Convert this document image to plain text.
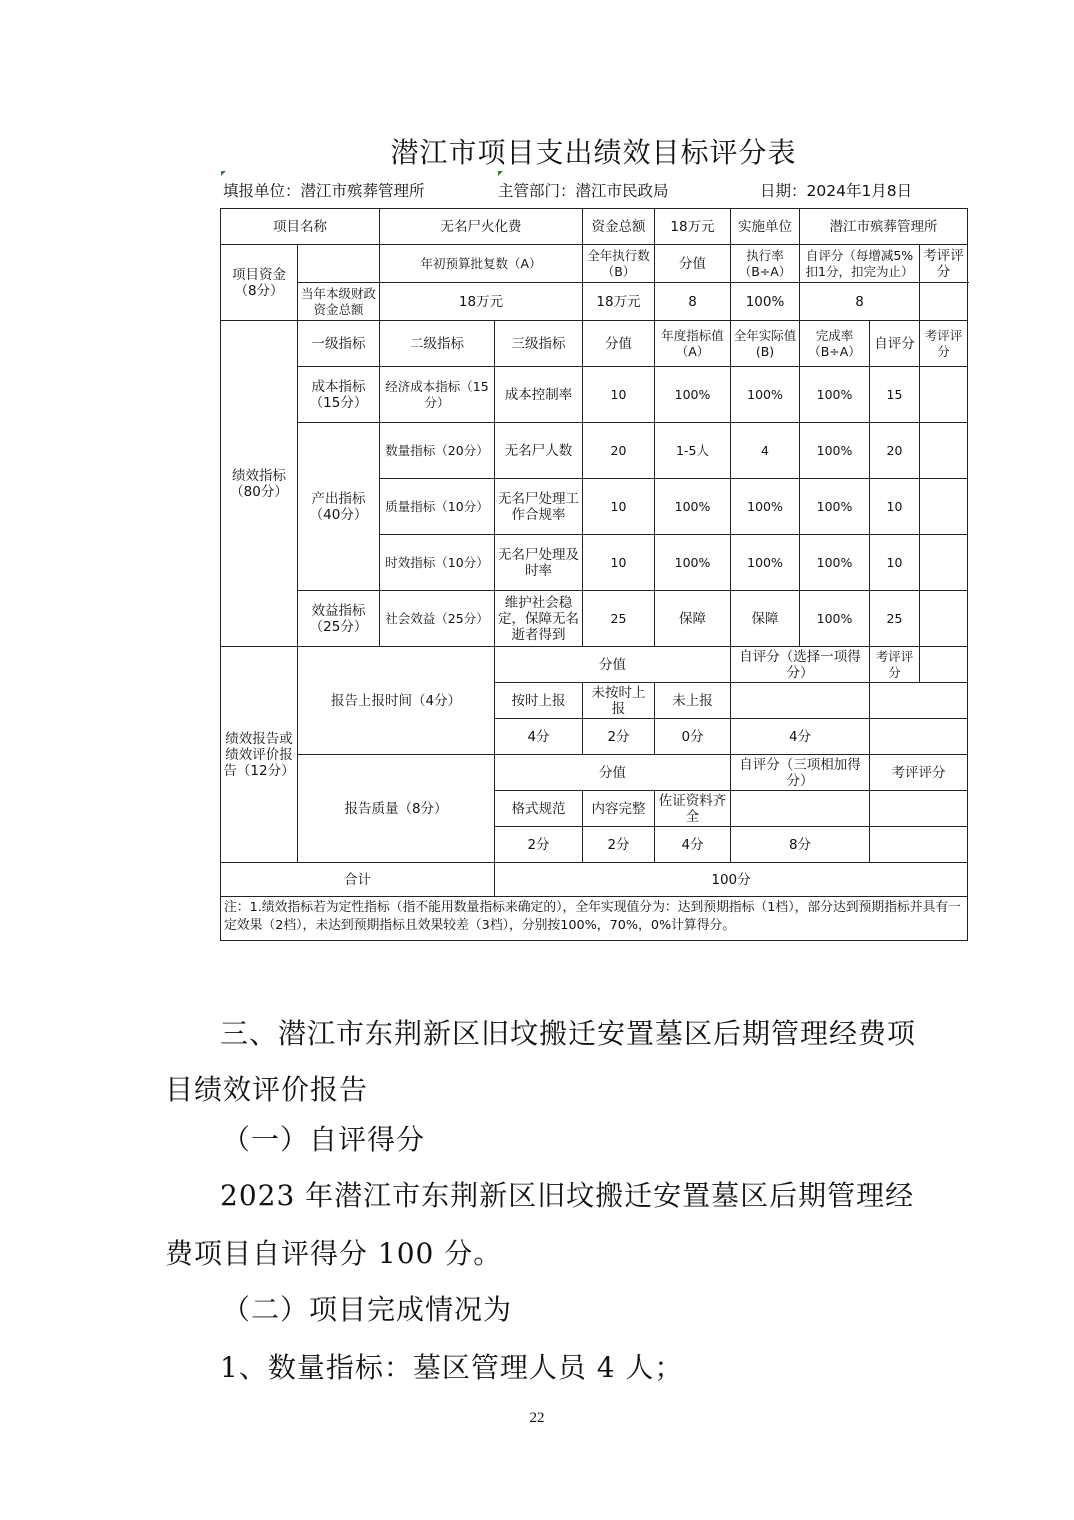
潜江市项目支出绩效目标评分表
填报单位：潜江市殡葬管理所	主管部门：潜江市民政局	日期：2024年1月8日
项目名称		无名尸火化费		资金总额	18万元	实施单位	潜江市殡葬管理所		
项目资金（8分）		年初预算批复数（A）		全年执行数（B）	分值	执行率（B÷A）	自评分（每增减5%扣1分，扣完为止）		考评评分
	当年本级财政资金总额	18万元		18万元	8	100%	8		
绩效指标（80分）	一级指标	二级指标	三级指标	分值	年度指标值（A）	全年实际值(B)	完成率（B÷A）	自评分	考评评分
	成本指标（15分）	经济成本指标（15分）	成本控制率	10	100%	100%	100%	15	
	产出指标（40分）	数量指标（20分）	无名尸人数	20	1-5人	4	100%	20	
		质量指标（10分）	无名尸处理工作合规率	10	100%	100%	100%	10	
		时效指标（10分）	无名尸处理及时率	10	100%	100%	100%	10	
	效益指标（25分）	社会效益（25分）	维护社会稳定，保障无名逝者得到	25	保障	保障	100%	25	
绩效报告或绩效评价报告（12分）	报告上报时间（4分）		分值			自评分（选择一项得分）		考评评分	
			按时上报	未按时上报	未上报				
			4分	2分	0分	4分			
	报告质量（8分）		分值			自评分（三项相加得分）		考评评分	
			格式规范	内容完整	佐证资料齐全				
			2分	2分	4分	8分			
合计			100分						
注：1.绩效指标若为定性指标（指不能用数量指标来确定的），全年实现值分为：达到预期指标（1档），部分达到预期指标并具有一定效果（2档），未达到预期指标且效果较差（3档），分别按100%，70%，0%计算得分。									
三、潜江市东荆新区旧坟搬迁安置墓区后期管理经费项
目绩效评价报告
（一）自评得分
2023 年潜江市东荆新区旧坟搬迁安置墓区后期管理经
费项目自评得分 100 分。
（二）项目完成情况为
1、数量指标：墓区管理人员 4 人；
22
